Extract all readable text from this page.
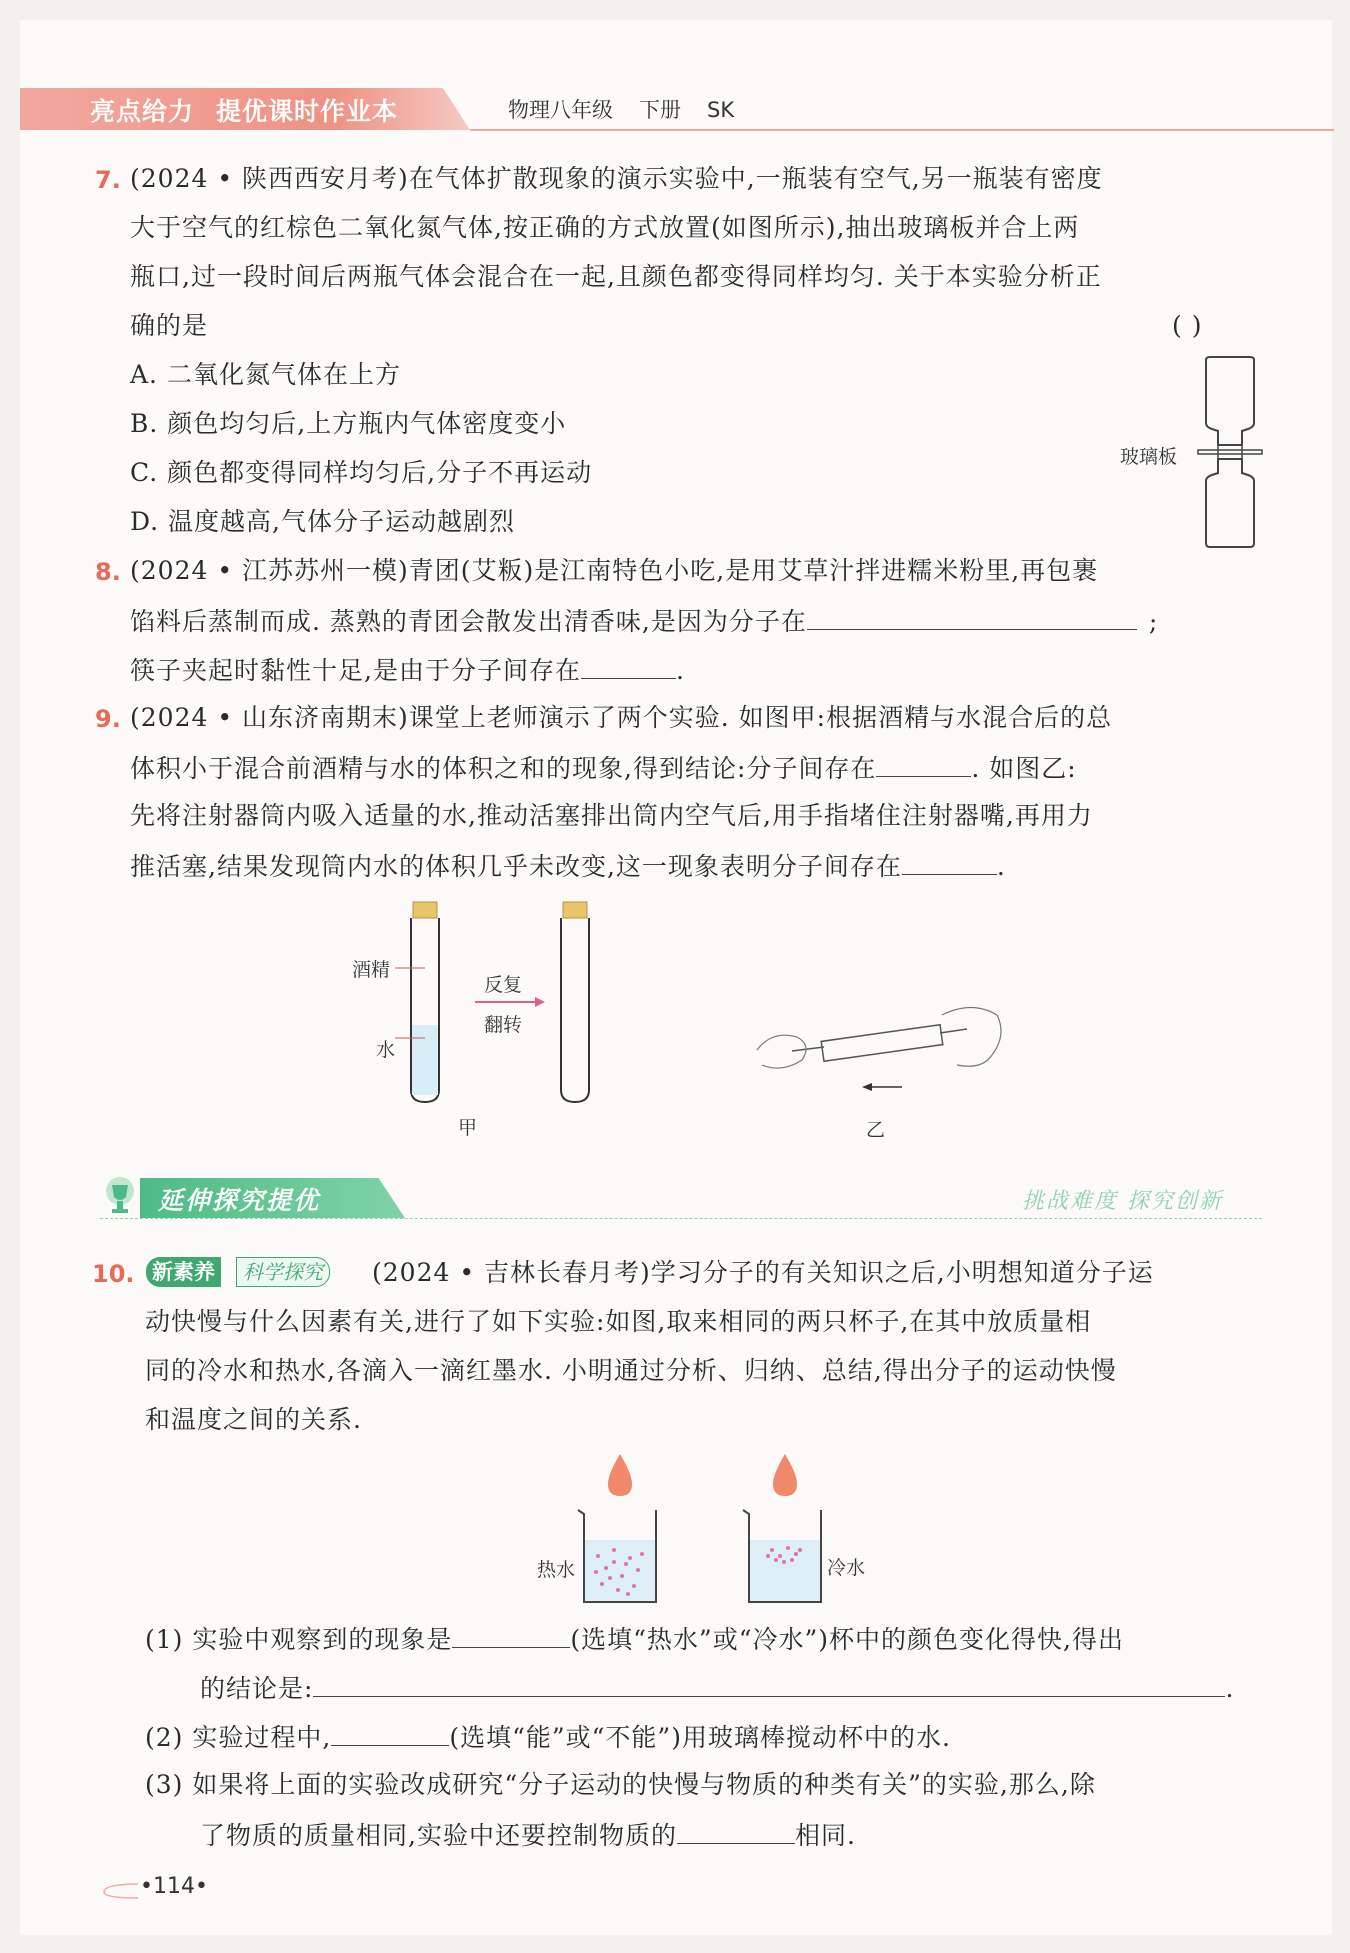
亮点给力 提优课时作业本	物理八年级 下册 SK
7. (2024 • 陕西西安月考)在气体扩散现象的演示实验中,一瓶装有空气,另一瓶装有密度
大于空气的红棕色二氧化氮气体,按正确的方式放置(如图所示),抽出玻璃板并合上两
瓶口,过一段时间后两瓶气体会混合在一起,且颜色都变得同样均匀. 关于本实验分析正
确的是	( )
A. 二氧化氮气体在上方
B. 颜色均匀后,上方瓶内气体密度变小
C. 颜色都变得同样均匀后,分子不再运动
D. 温度越高,气体分子运动越剧烈
玻璃板
8. (2024 • 江苏苏州一模)青团(艾粄)是江南特色小吃,是用艾草汁拌进糯米粉里,再包裹
馅料后蒸制而成. 蒸熟的青团会散发出清香味,是因为分子在	;
筷子夹起时黏性十足,是由于分子间存在	.
9. (2024 • 山东济南期末)课堂上老师演示了两个实验. 如图甲:根据酒精与水混合后的总
体积小于混合前酒精与水的体积之和的现象,得到结论:分子间存在	. 如图乙:
先将注射器筒内吸入适量的水,推动活塞排出筒内空气后,用手指堵住注射器嘴,再用力
推活塞,结果发现筒内水的体积几乎未改变,这一现象表明分子间存在	.
酒精
水
反复
翻转
甲	乙
延伸探究提优	挑战难度 探究创新
10. 新素养	科学探究 (2024 • 吉林长春月考)学习分子的有关知识之后,小明想知道分子运
动快慢与什么因素有关,进行了如下实验:如图,取来相同的两只杯子,在其中放质量相
同的冷水和热水,各滴入一滴红墨水. 小明通过分析、归纳、总结,得出分子的运动快慢
和温度之间的关系.
热水	冷水
(1) 实验中观察到的现象是	(选填“热水”或“冷水”)杯中的颜色变化得快,得出
的结论是:	.
(2) 实验过程中,	(选填“能”或“不能”)用玻璃棒搅动杯中的水.
(3) 如果将上面的实验改成研究“分子运动的快慢与物质的种类有关”的实验,那么,除
了物质的质量相同,实验中还要控制物质的	相同.
•114•
